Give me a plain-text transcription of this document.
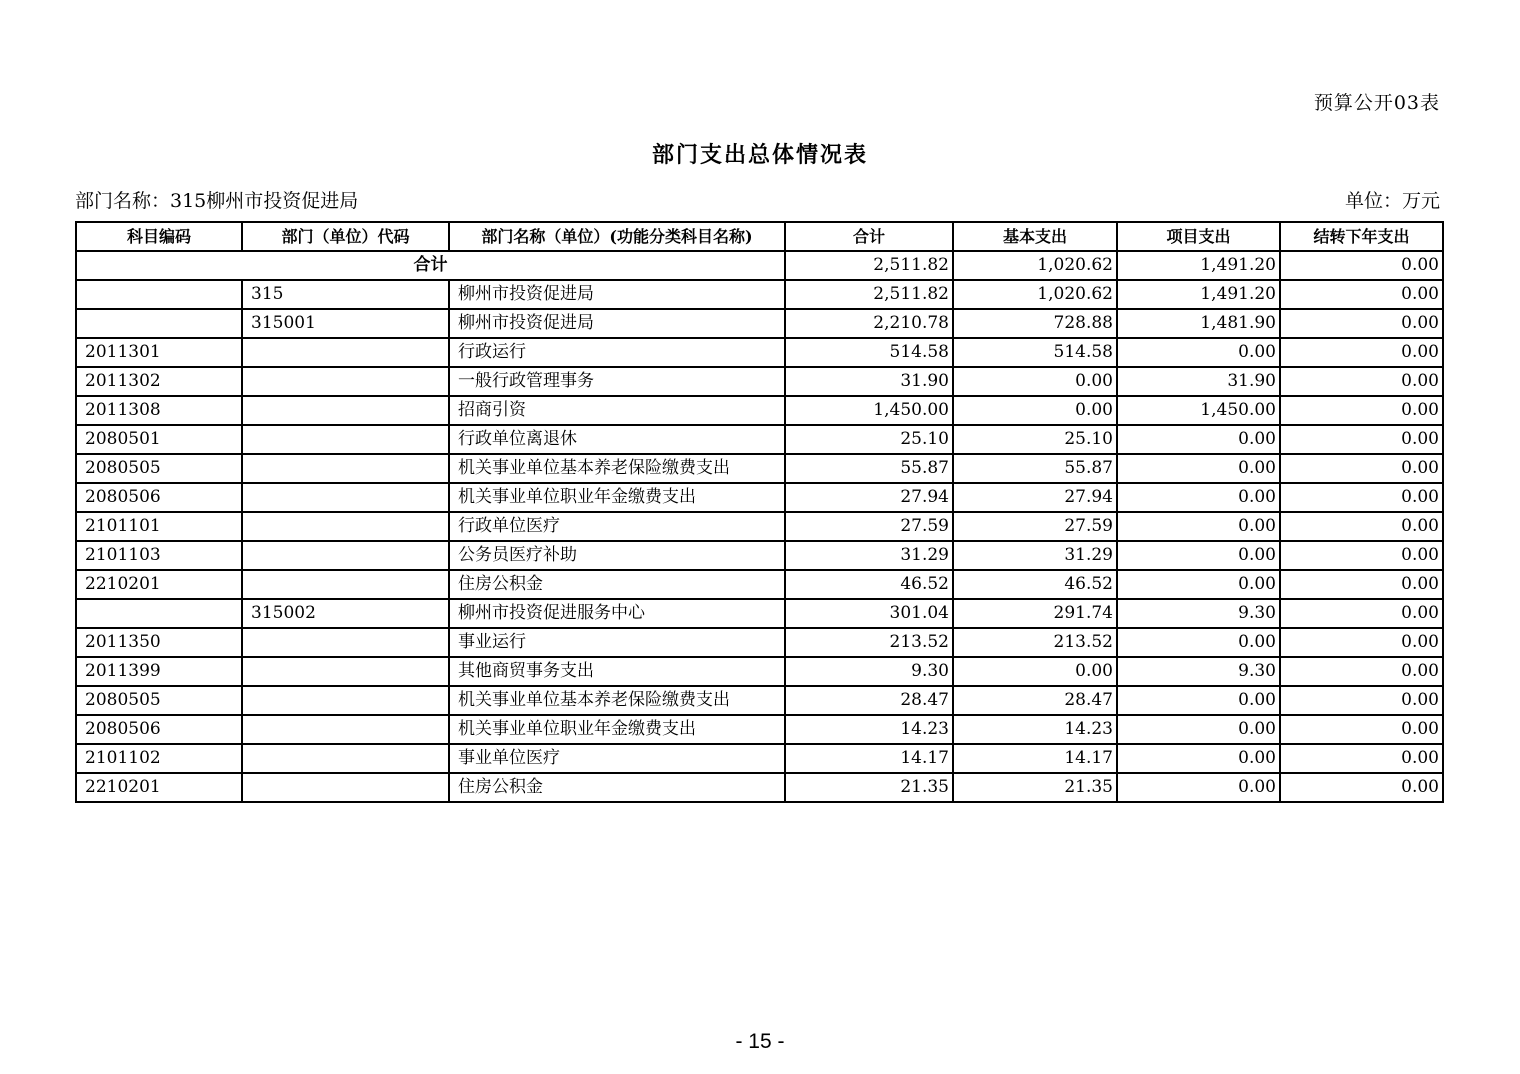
预算公开03表
部门支出总体情况表
部门名称：315柳州市投资促进局	单位：万元
科目编码	部门（单位）代码	部门名称（单位）(功能分类科目名称)	合计	基本支出	项目支出	结转下年支出
合计			2,511.82	1,020.62	1,491.20	0.00
	315	柳州市投资促进局	2,511.82	1,020.62	1,491.20	0.00
	315001	柳州市投资促进局	2,210.78	728.88	1,481.90	0.00
2011301		行政运行	514.58	514.58	0.00	0.00
2011302		一般行政管理事务	31.90	0.00	31.90	0.00
2011308		招商引资	1,450.00	0.00	1,450.00	0.00
2080501		行政单位离退休	25.10	25.10	0.00	0.00
2080505		机关事业单位基本养老保险缴费支出	55.87	55.87	0.00	0.00
2080506		机关事业单位职业年金缴费支出	27.94	27.94	0.00	0.00
2101101		行政单位医疗	27.59	27.59	0.00	0.00
2101103		公务员医疗补助	31.29	31.29	0.00	0.00
2210201		住房公积金	46.52	46.52	0.00	0.00
	315002	柳州市投资促进服务中心	301.04	291.74	9.30	0.00
2011350		事业运行	213.52	213.52	0.00	0.00
2011399		其他商贸事务支出	9.30	0.00	9.30	0.00
2080505		机关事业单位基本养老保险缴费支出	28.47	28.47	0.00	0.00
2080506		机关事业单位职业年金缴费支出	14.23	14.23	0.00	0.00
2101102		事业单位医疗	14.17	14.17	0.00	0.00
2210201		住房公积金	21.35	21.35	0.00	0.00
- 15 -
